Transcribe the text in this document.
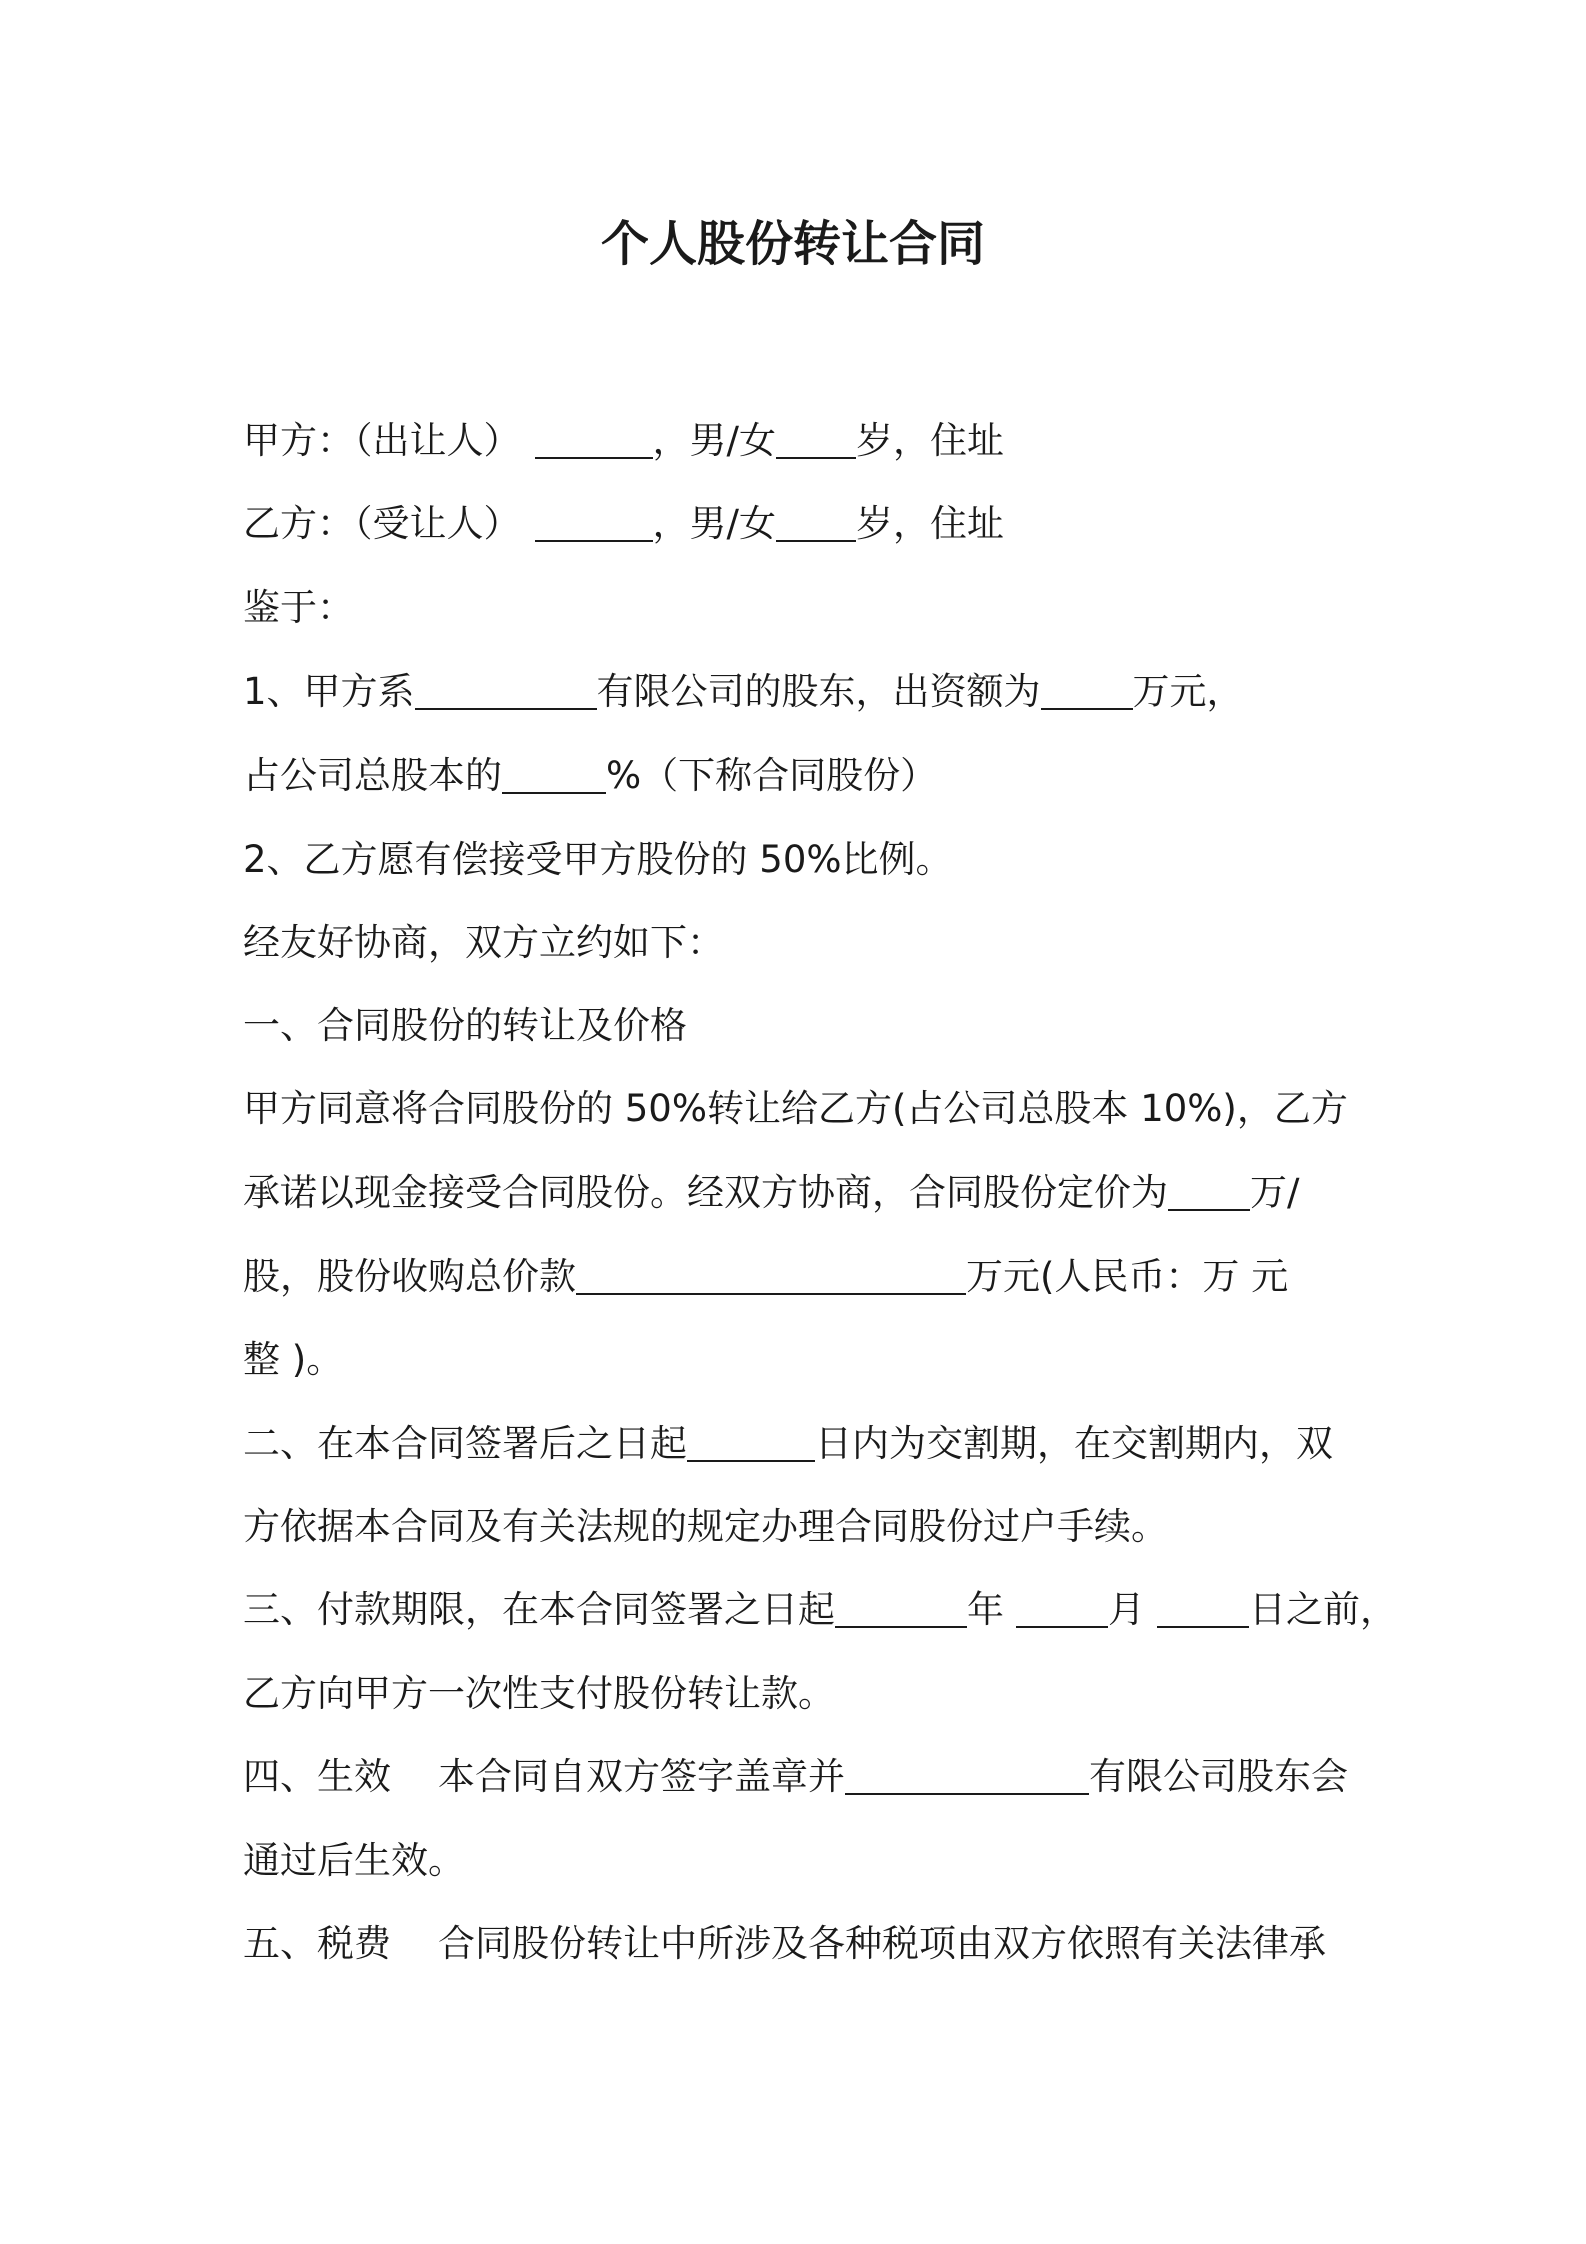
个人股份转让合同
甲方：（出让人）	，男/女 岁，住址
乙方：（受让人）	，男/女 岁，住址
鉴于：
1、甲方系	有限公司的股东，出资额为 万元，
占公司总股本的	%（下称合同股份）
2、乙方愿有偿接受甲方股份的 50%比例。
经友好协商，双方立约如下：
一、合同股份的转让及价格
甲方同意将合同股份的 50%转让给乙方(占公司总股本 10%)，乙方
承诺以现金接受合同股份。经双方协商，合同股份定价为 万/
股，股份收购总价款	万元(人民币：万 元
整 )。
二、在本合同签署后之日起	日内为交割期，在交割期内，双
方依据本合同及有关法规的规定办理合同股份过户手续。
三、付款期限，在本合同签署之日起	年	月	日之前，
乙方向甲方一次性支付股份转让款。
四、生效    本合同自双方签字盖章并	有限公司股东会
通过后生效。
五、税费    合同股份转让中所涉及各种税项由双方依照有关法律承
